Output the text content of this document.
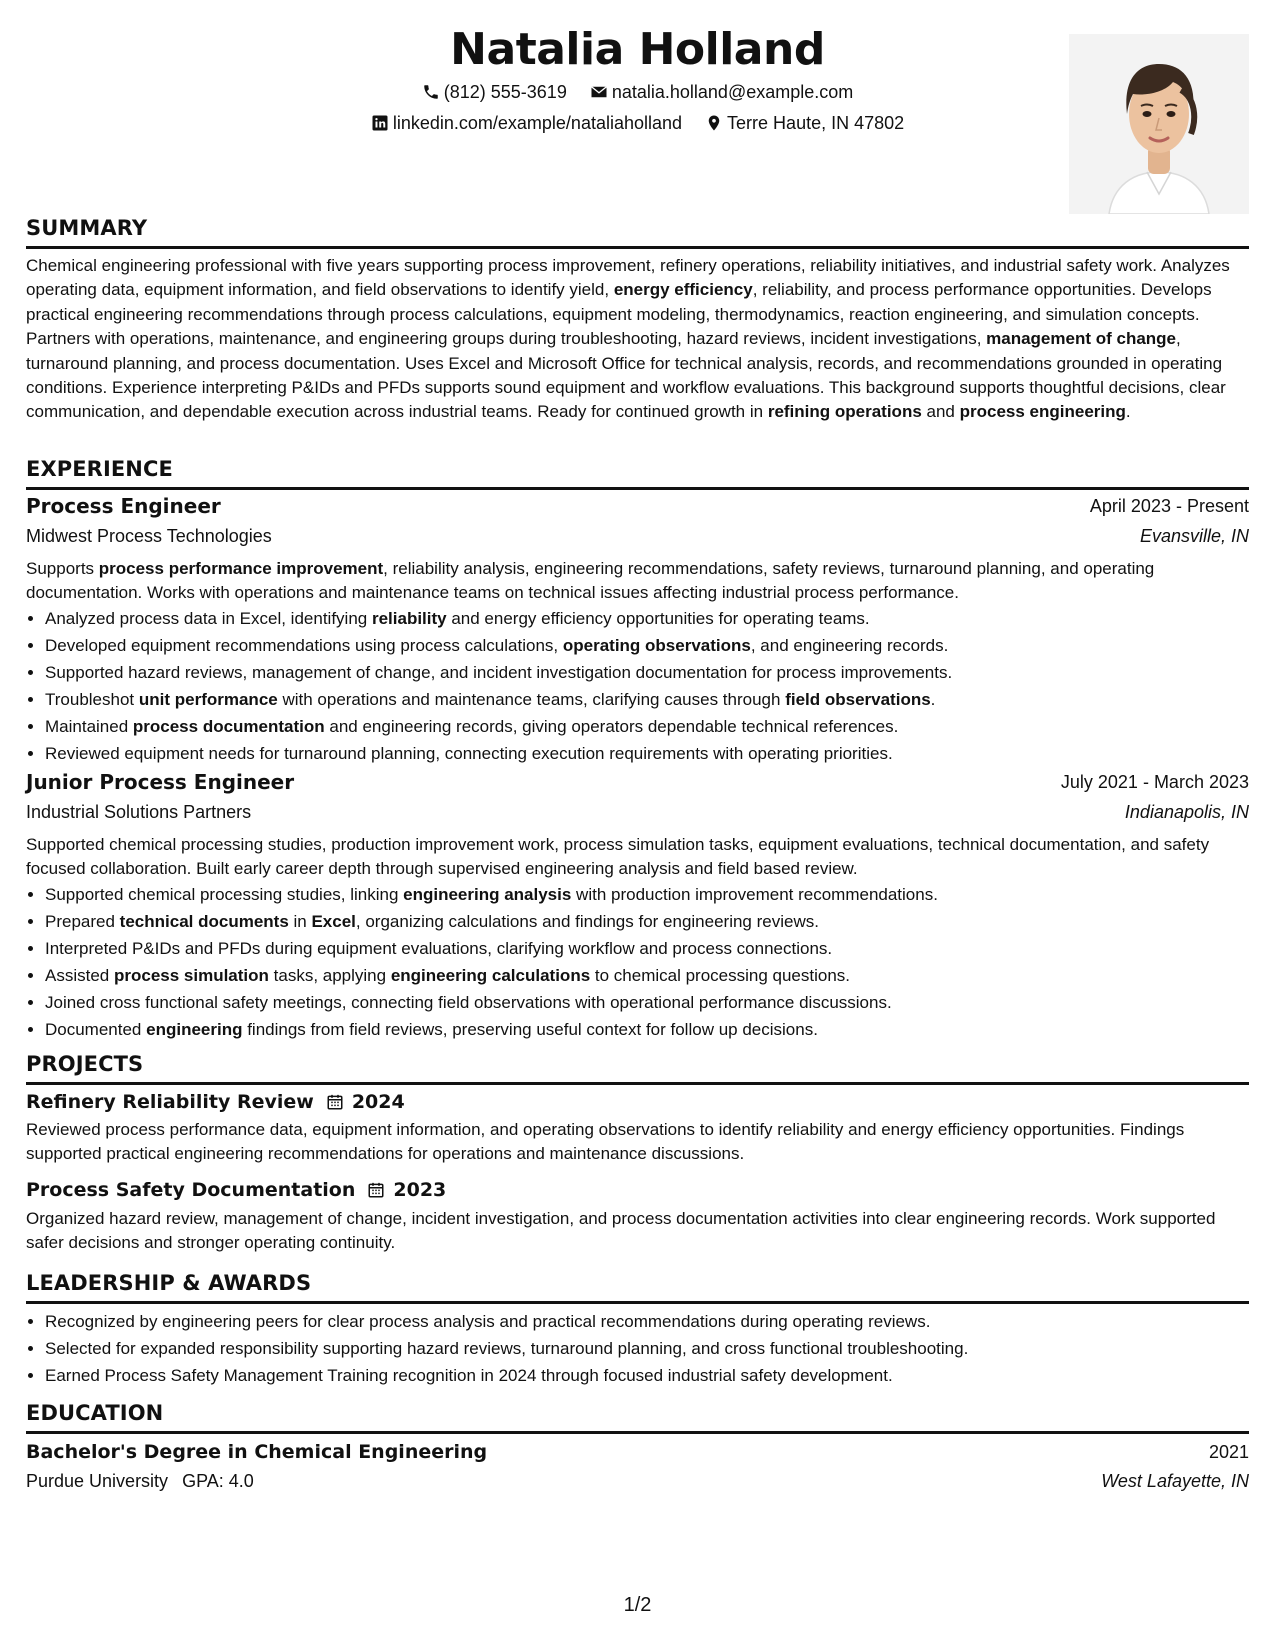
Natalia Holland
(812) 555-3619
	natalia.holland@example.com
linkedin.com/example/nataliaholland
	Terre Haute, IN 47802
SUMMARY
Chemical engineering professional with five years supporting process improvement, refinery operations, reliability initiatives, and industrial safety work. Analyzes operating data, equipment information, and field observations to identify yield, energy efficiency, reliability, and process performance opportunities. Develops practical engineering recommendations through process calculations, equipment modeling, thermodynamics, reaction engineering, and simulation concepts. Partners with operations, maintenance, and engineering groups during troubleshooting, hazard reviews, incident investigations, management of change, turnaround planning, and process documentation. Uses Excel and Microsoft Office for technical analysis, records, and recommendations grounded in operating conditions. Experience interpreting P&IDs and PFDs supports sound equipment and workflow evaluations. This background supports thoughtful decisions, clear communication, and dependable execution across industrial teams. Ready for continued growth in refining operations and process engineering.
EXPERIENCE
Process Engineer	April 2023 - Present
Midwest Process Technologies	Evansville, IN
Supports process performance improvement, reliability analysis, engineering recommendations, safety reviews, turnaround planning, and operating documentation. Works with operations and maintenance teams on technical issues affecting industrial process performance.
• Analyzed process data in Excel, identifying reliability and energy efficiency opportunities for operating teams.
• Developed equipment recommendations using process calculations, operating observations, and engineering records.
• Supported hazard reviews, management of change, and incident investigation documentation for process improvements.
• Troubleshot unit performance with operations and maintenance teams, clarifying causes through field observations.
• Maintained process documentation and engineering records, giving operators dependable technical references.
• Reviewed equipment needs for turnaround planning, connecting execution requirements with operating priorities.
Junior Process Engineer	July 2021 - March 2023
Industrial Solutions Partners	Indianapolis, IN
Supported chemical processing studies, production improvement work, process simulation tasks, equipment evaluations, technical documentation, and safety focused collaboration. Built early career depth through supervised engineering analysis and field based review.
• Supported chemical processing studies, linking engineering analysis with production improvement recommendations.
• Prepared technical documents in Excel, organizing calculations and findings for engineering reviews.
• Interpreted P&IDs and PFDs during equipment evaluations, clarifying workflow and process connections.
• Assisted process simulation tasks, applying engineering calculations to chemical processing questions.
• Joined cross functional safety meetings, connecting field observations with operational performance discussions.
• Documented engineering findings from field reviews, preserving useful context for follow up decisions.
PROJECTS
Refinery Reliability Review 2024
Reviewed process performance data, equipment information, and operating observations to identify reliability and energy efficiency opportunities. Findings supported practical engineering recommendations for operations and maintenance discussions.
Process Safety Documentation 2023
Organized hazard review, management of change, incident investigation, and process documentation activities into clear engineering records. Work supported safer decisions and stronger operating continuity.
LEADERSHIP & AWARDS
• Recognized by engineering peers for clear process analysis and practical recommendations during operating reviews.
• Selected for expanded responsibility supporting hazard reviews, turnaround planning, and cross functional troubleshooting.
• Earned Process Safety Management Training recognition in 2024 through focused industrial safety development.
EDUCATION
Bachelor's Degree in Chemical Engineering	2021
Purdue University GPA: 4.0	West Lafayette, IN
1/2
